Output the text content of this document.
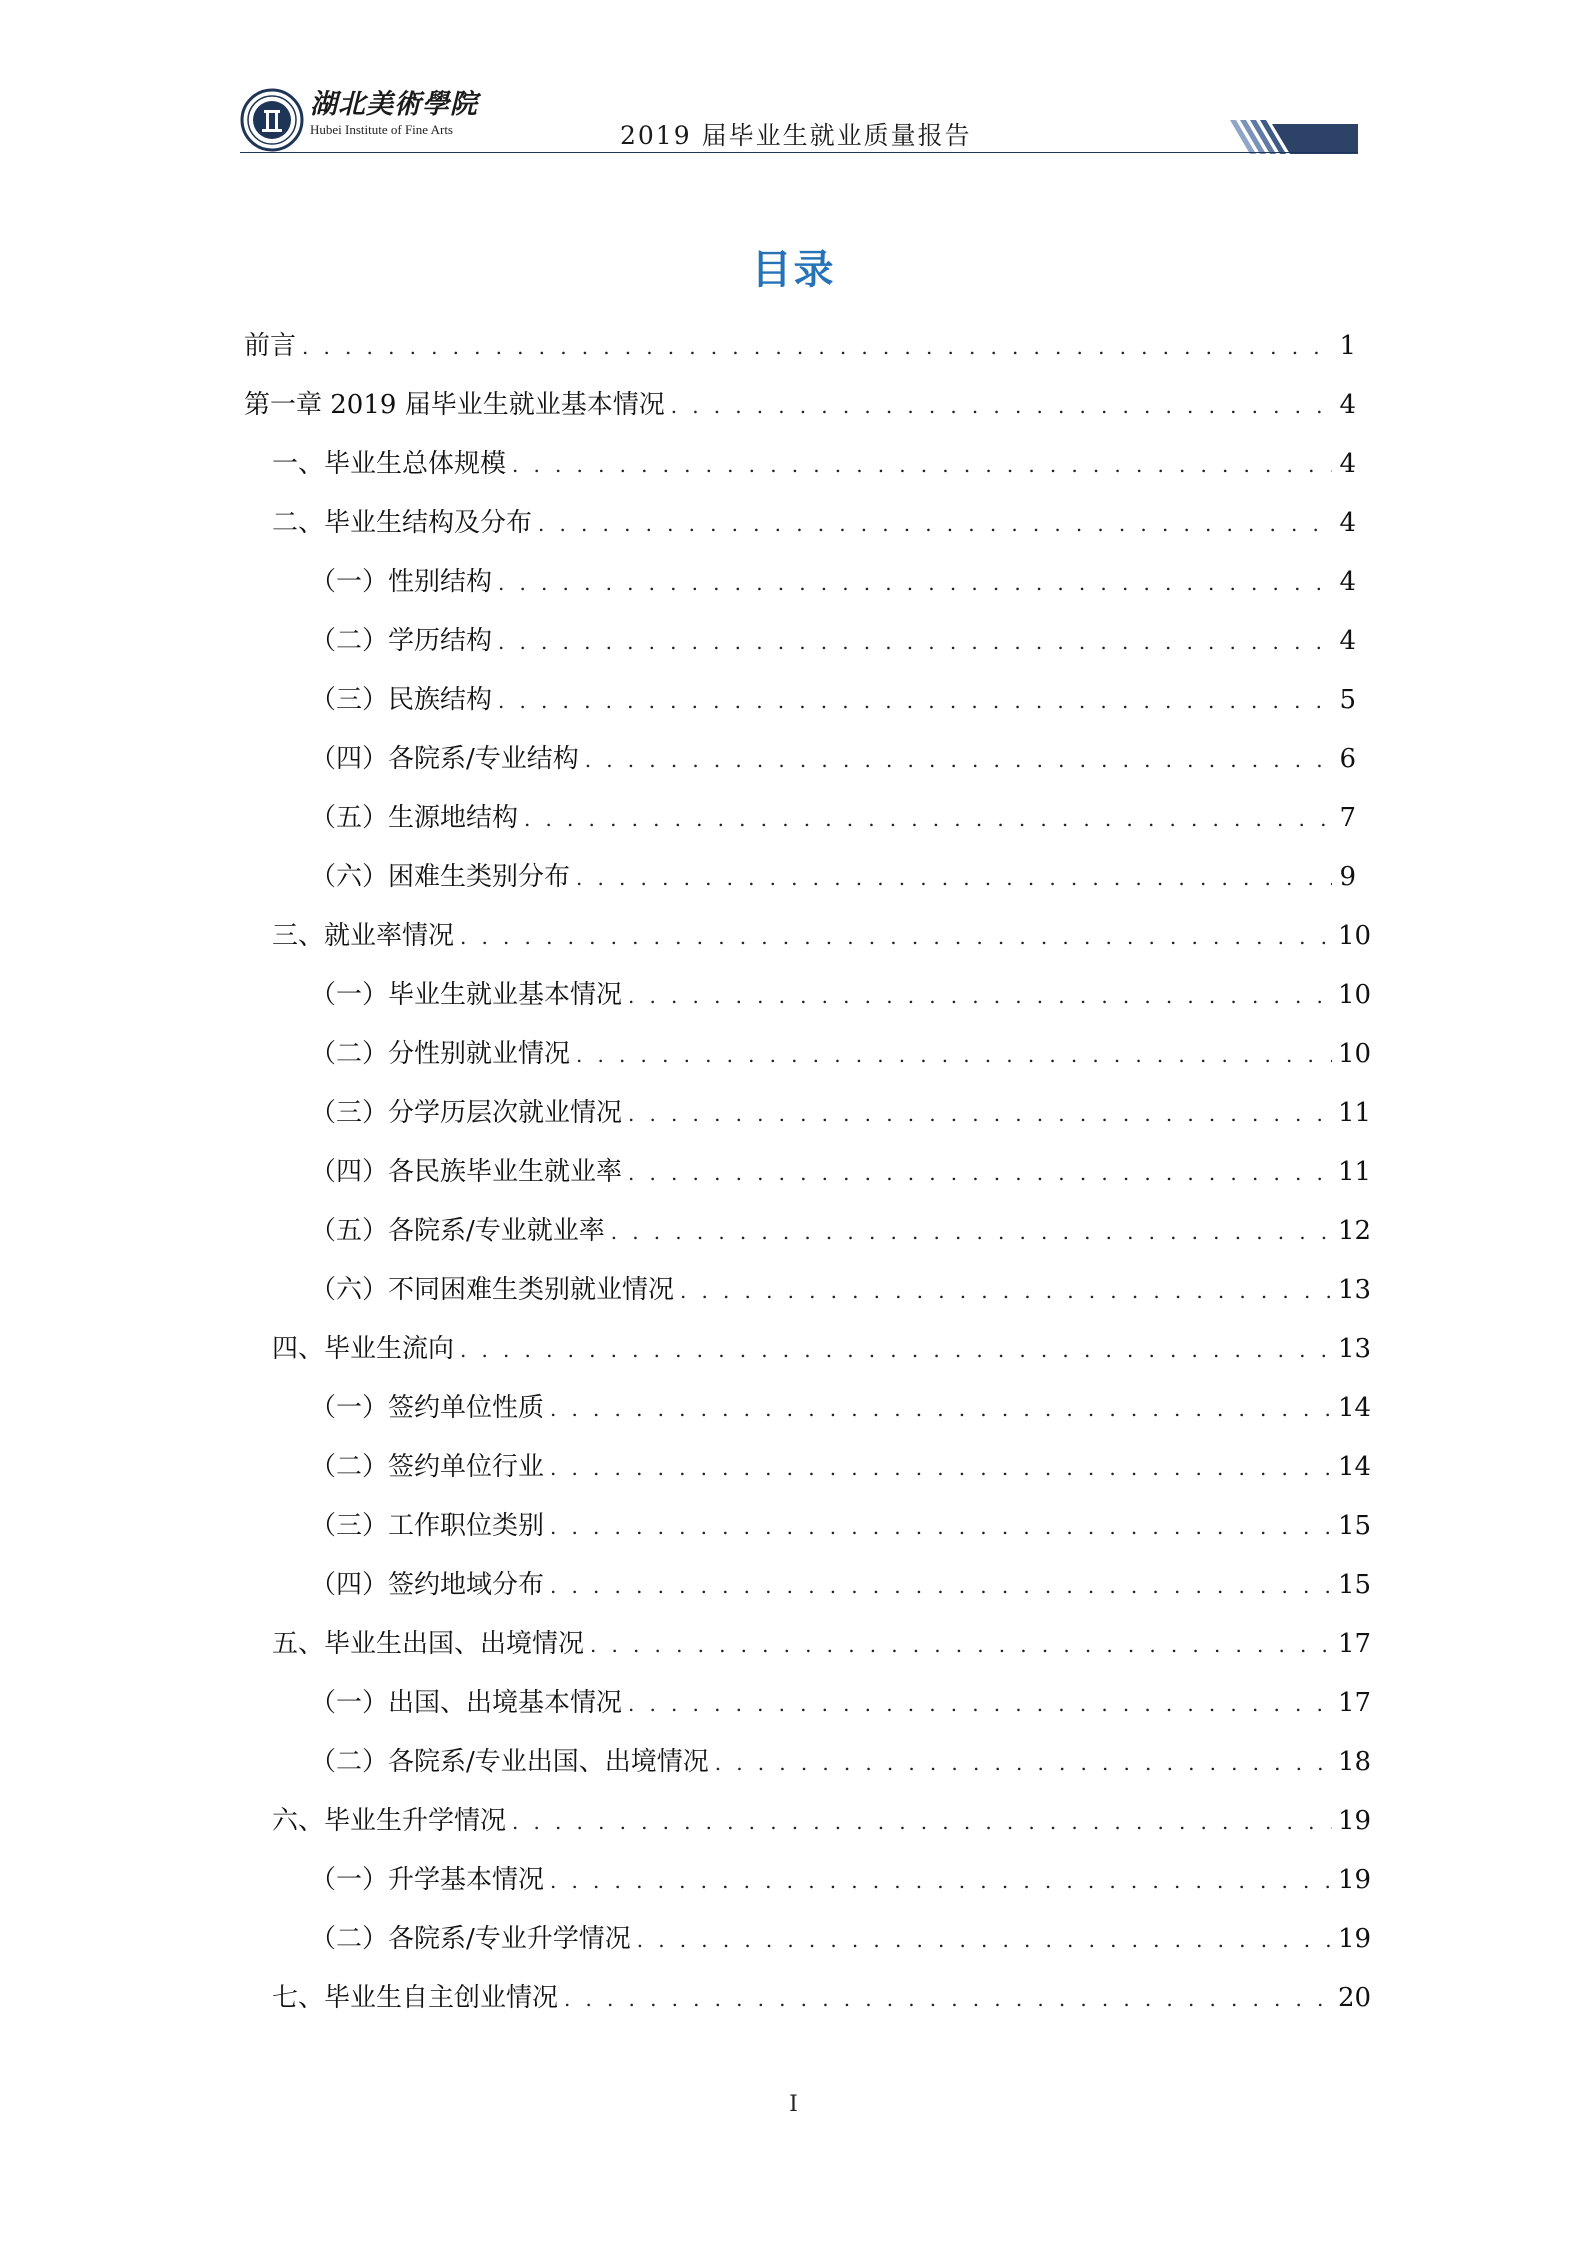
湖北美術學院
Hubei Institute of Fine Arts	2019 届毕业生就业质量报告
目录
前言 . . .	1
第一章 2019 届毕业生就业基本情况 . . .	4
一、毕业生总体规模 . . .	4
二、毕业生结构及分布 . . .	4
（一）性别结构 . . .	4
（二）学历结构 . . .	4
（三）民族结构 . . .	5
（四）各院系/专业结构 . . .	6
（五）生源地结构 . . .	7
（六）困难生类别分布 . . .	9
三、就业率情况 . . .	10
（一）毕业生就业基本情况 . . .	10
（二）分性别就业情况 . . .	10
（三）分学历层次就业情况 . . .	11
（四）各民族毕业生就业率 . . .	11
（五）各院系/专业就业率 . . .	12
（六）不同困难生类别就业情况 . . .	13
四、毕业生流向 . . .	13
（一）签约单位性质 . . .	14
（二）签约单位行业 . . .	14
（三）工作职位类别 . . .	15
（四）签约地域分布 . . .	15
五、毕业生出国、出境情况 . . .	17
（一）出国、出境基本情况 . . .	17
（二）各院系/专业出国、出境情况 . . .	18
六、毕业生升学情况 . . .	19
（一）升学基本情况 . . .	19
（二）各院系/专业升学情况 . . .	19
七、毕业生自主创业情况 . . .	20
I
